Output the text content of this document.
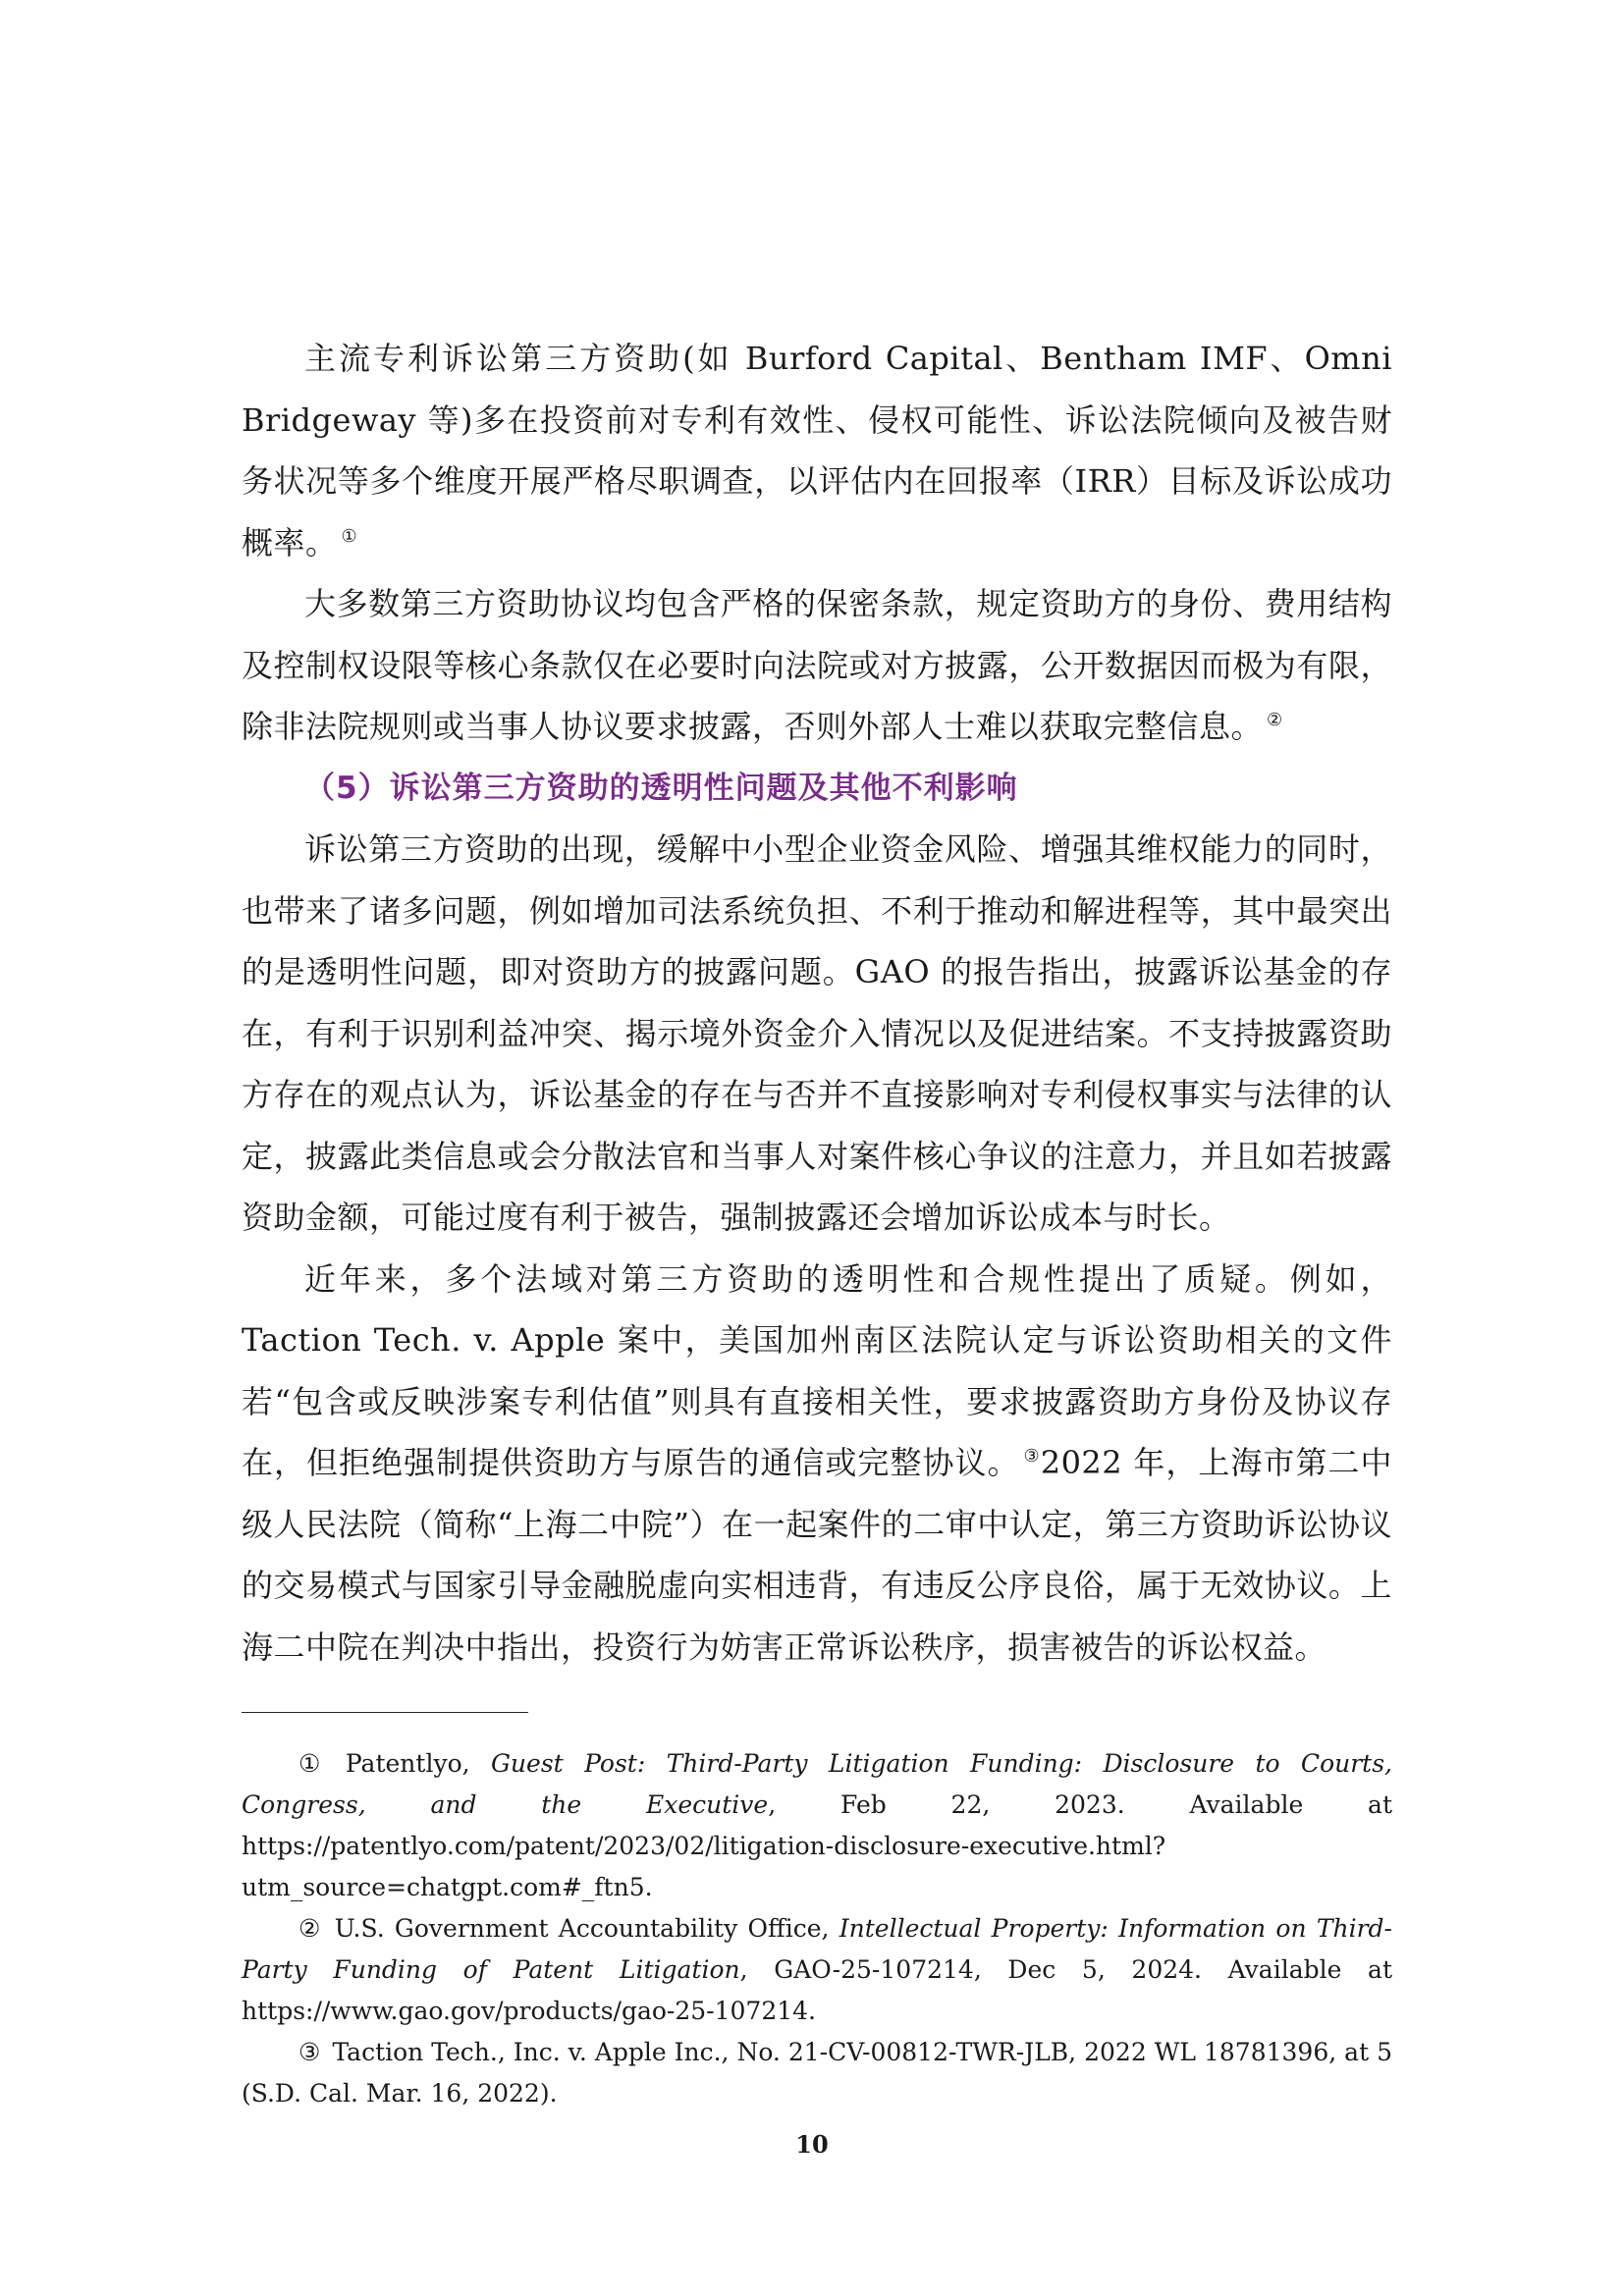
主流专利诉讼第三方资助(如 Burford Capital、Bentham IMF、Omni Bridgeway 等)多在投资前对专利有效性、侵权可能性、诉讼法院倾向及被告财务状况等多个维度开展严格尽职调查，以评估内在回报率（IRR）目标及诉讼成功概率。 ①

大多数第三方资助协议均包含严格的保密条款，规定资助方的身份、费用结构及控制权设限等核心条款仅在必要时向法院或对方披露，公开数据因而极为有限，除非法院规则或当事人协议要求披露，否则外部人士难以获取完整信息。 ②

（5）诉讼第三方资助的透明性问题及其他不利影响

诉讼第三方资助的出现，缓解中小型企业资金风险、增强其维权能力的同时，也带来了诸多问题，例如增加司法系统负担、不利于推动和解进程等，其中最突出的是透明性问题，即对资助方的披露问题。GAO 的报告指出，披露诉讼基金的存在，有利于识别利益冲突、揭示境外资金介入情况以及促进结案。不支持披露资助方存在的观点认为，诉讼基金的存在与否并不直接影响对专利侵权事实与法律的认定，披露此类信息或会分散法官和当事人对案件核心争议的注意力，并且如若披露资助金额，可能过度有利于被告，强制披露还会增加诉讼成本与时长。

近年来，多个法域对第三方资助的透明性和合规性提出了质疑。例如，Taction Tech. v. Apple 案中，美国加州南区法院认定与诉讼资助相关的文件若“包含或反映涉案专利估值”则具有直接相关性，要求披露资助方身份及协议存在，但拒绝强制提供资助方与原告的通信或完整协议。 ③2022 年，上海市第二中级人民法院（简称“上海二中院”）在一起案件的二审中认定，第三方资助诉讼协议的交易模式与国家引导金融脱虚向实相违背，有违反公序良俗，属于无效协议。上海二中院在判决中指出，投资行为妨害正常诉讼秩序，损害被告的诉讼权益。

① Patentlyo, Guest Post: Third-Party Litigation Funding: Disclosure to Courts, Congress, and the Executive, Feb 22, 2023. Available at https://patentlyo.com/patent/2023/02/litigation-disclosure-executive.html?utm_source=chatgpt.com#_ftn5.

② U.S. Government Accountability Office, Intellectual Property: Information on Third-Party Funding of Patent Litigation, GAO-25-107214, Dec 5, 2024. Available at https://www.gao.gov/products/gao-25-107214.

③ Taction Tech., Inc. v. Apple Inc., No. 21-CV-00812-TWR-JLB, 2022 WL 18781396, at 5 (S.D. Cal. Mar. 16, 2022).

10
